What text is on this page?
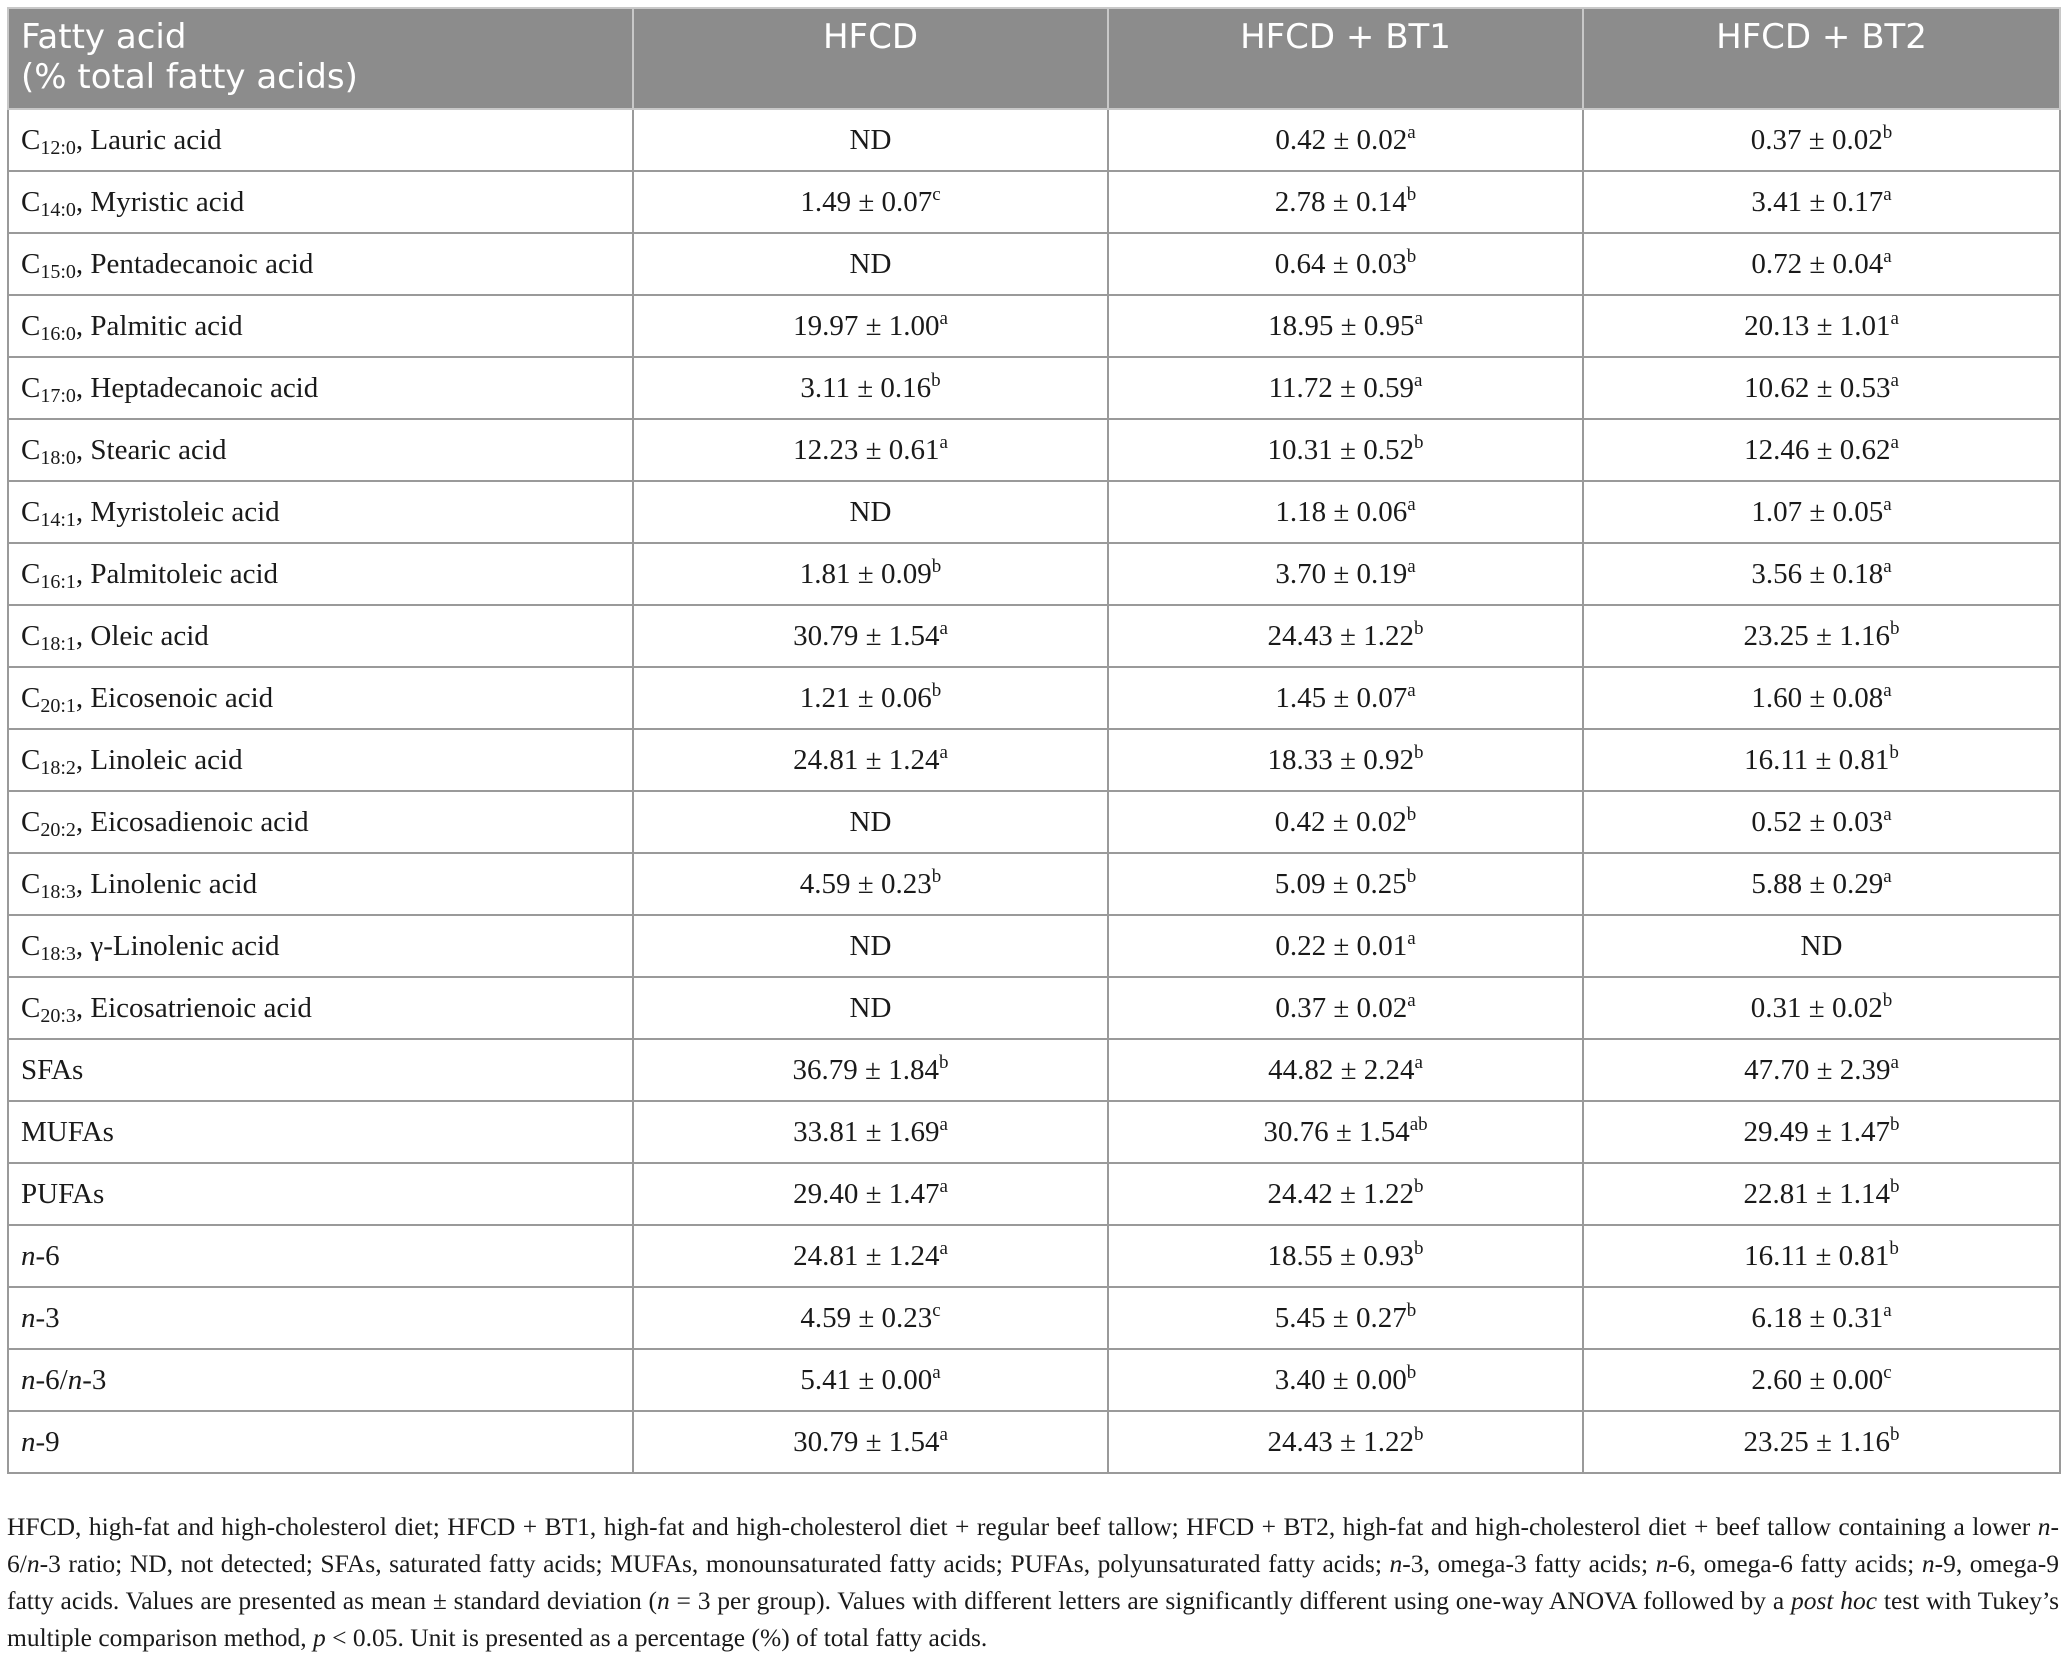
Fatty acid
(% total fatty acids)	HFCD	HFCD + BT1	HFCD + BT2
$C_{12:0}$, Lauric acid	ND	0.42 ± 0.02$^a$	0.37 ± 0.02$^b$
$C_{14:0}$, Myristic acid	1.49 ± 0.07$^c$	2.78 ± 0.14$^b$	3.41 ± 0.17$^a$
$C_{15:0}$, Pentadecanoic acid	ND	0.64 ± 0.03$^b$	0.72 ± 0.04$^a$
$C_{16:0}$, Palmitic acid	19.97 ± 1.00$^a$	18.95 ± 0.95$^a$	20.13 ± 1.01$^a$
$C_{17:0}$, Heptadecanoic acid	3.11 ± 0.16$^b$	11.72 ± 0.59$^a$	10.62 ± 0.53$^a$
$C_{18:0}$, Stearic acid	12.23 ± 0.61$^a$	10.31 ± 0.52$^b$	12.46 ± 0.62$^a$
$C_{14:1}$, Myristoleic acid	ND	1.18 ± 0.06$^a$	1.07 ± 0.05$^a$
$C_{16:1}$, Palmitoleic acid	1.81 ± 0.09$^b$	3.70 ± 0.19$^a$	3.56 ± 0.18$^a$
$C_{18:1}$, Oleic acid	30.79 ± 1.54$^a$	24.43 ± 1.22$^b$	23.25 ± 1.16$^b$
$C_{20:1}$, Eicosenoic acid	1.21 ± 0.06$^b$	1.45 ± 0.07$^a$	1.60 ± 0.08$^a$
$C_{18:2}$, Linoleic acid	24.81 ± 1.24$^a$	18.33 ± 0.92$^b$	16.11 ± 0.81$^b$
$C_{20:2}$, Eicosadienoic acid	ND	0.42 ± 0.02$^b$	0.52 ± 0.03$^a$
$C_{18:3}$, Linolenic acid	4.59 ± 0.23$^b$	5.09 ± 0.25$^b$	5.88 ± 0.29$^a$
$C_{18:3}$, γ-Linolenic acid	ND	0.22 ± 0.01$^a$	ND
$C_{20:3}$, Eicosatrienoic acid	ND	0.37 ± 0.02$^a$	0.31 ± 0.02$^b$
SFAs	36.79 ± 1.84$^b$	44.82 ± 2.24$^a$	47.70 ± 2.39$^a$
MUFAs	33.81 ± 1.69$^a$	30.76 ± 1.54$^{ab}$	29.49 ± 1.47$^b$
PUFAs	29.40 ± 1.47$^a$	24.42 ± 1.22$^b$	22.81 ± 1.14$^b$
n-6	24.81 ± 1.24$^a$	18.55 ± 0.93$^b$	16.11 ± 0.81$^b$
n-3	4.59 ± 0.23$^c$	5.45 ± 0.27$^b$	6.18 ± 0.31$^a$
n-6/n-3	5.41 ± 0.00$^a$	3.40 ± 0.00$^b$	2.60 ± 0.00$^c$
n-9	30.79 ± 1.54$^a$	24.43 ± 1.22$^b$	23.25 ± 1.16$^b$

HFCD, high-fat and high-cholesterol diet; HFCD + BT1, high-fat and high-cholesterol diet + regular beef tallow; HFCD + BT2, high-fat and high-cholesterol diet + beef tallow containing a lower n-6/n-3 ratio; ND, not detected; SFAs, saturated fatty acids; MUFAs, monounsaturated fatty acids; PUFAs, polyunsaturated fatty acids; n-3, omega-3 fatty acids; n-6, omega-6 fatty acids; n-9, omega-9 fatty acids. Values are presented as mean ± standard deviation (n = 3 per group). Values with different letters are significantly different using one-way ANOVA followed by a post hoc test with Tukey’s multiple comparison method, p < 0.05. Unit is presented as a percentage (%) of total fatty acids.
